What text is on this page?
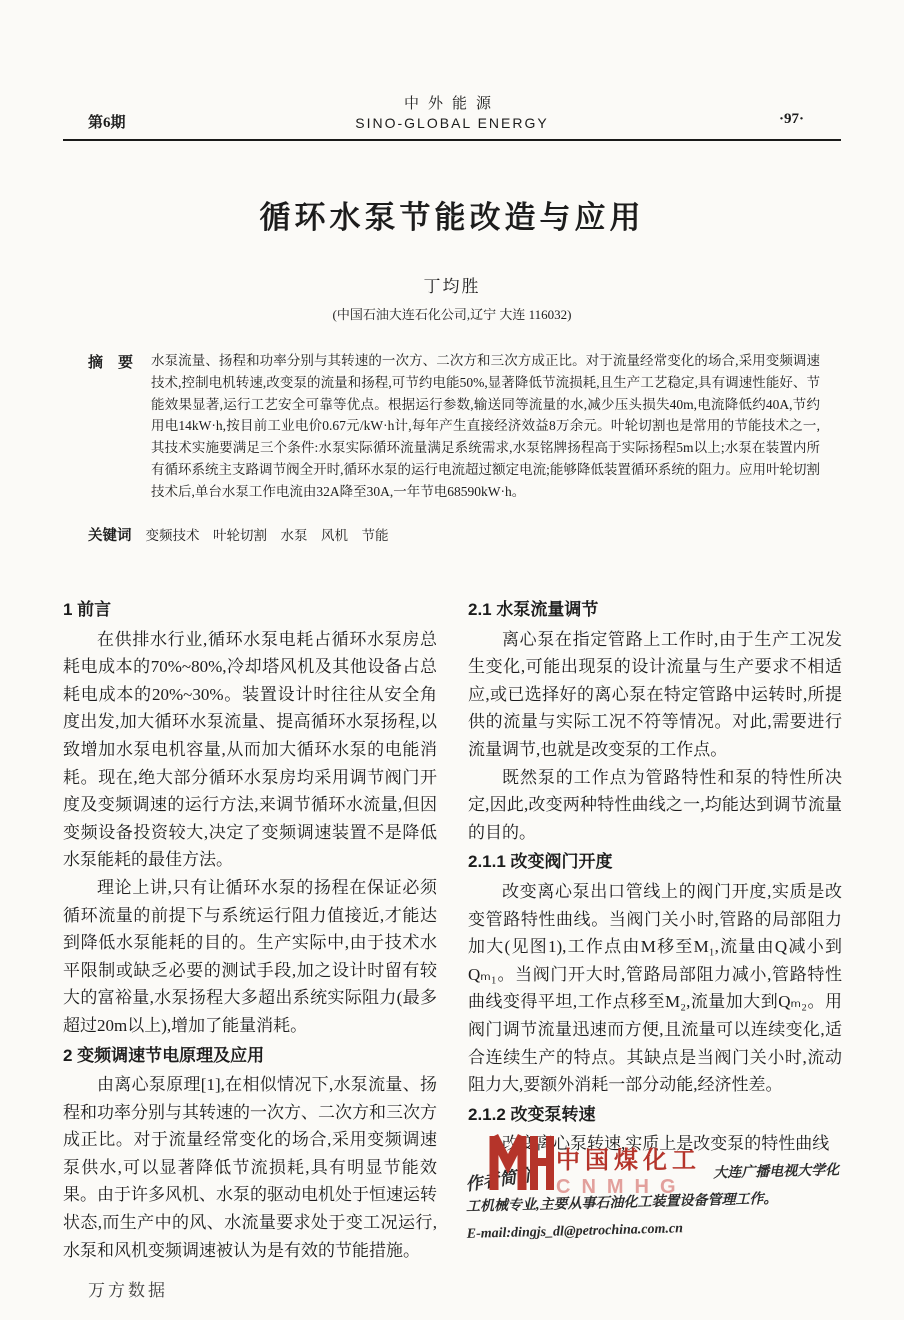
第6期
中外能源
SINO-GLOBAL ENERGY	·97·
循环水泵节能改造与应用
丁均胜
(中国石油大连石化公司,辽宁 大连 116032)
摘　要 水泵流量、扬程和功率分别与其转速的一次方、二次方和三次方成正比。对于流量经常变化的场合,采用变频调速技术,控制电机转速,改变泵的流量和扬程,可节约电能50%,显著降低节流损耗,且生产工艺稳定,具有调速性能好、节能效果显著,运行工艺安全可靠等优点。根据运行参数,输送同等流量的水,减少压头损失40m,电流降低约40A,节约用电14kW·h,按目前工业电价0.67元/kW·h计,每年产生直接经济效益8万余元。叶轮切割也是常用的节能技术之一,其技术实施要满足三个条件:水泵实际循环流量满足系统需求,水泵铭牌扬程高于实际扬程5m以上;水泵在装置内所有循环系统主支路调节阀全开时,循环水泵的运行电流超过额定电流;能够降低装置循环系统的阻力。应用叶轮切割技术后,单台水泵工作电流由32A降至30A,一年节电68590kW·h。
关键词 变频技术　叶轮切割　水泵　风机　节能
1 前言
在供排水行业,循环水泵电耗占循环水泵房总耗电成本的70%~80%,冷却塔风机及其他设备占总耗电成本的20%~30%。装置设计时往往从安全角度出发,加大循环水泵流量、提高循环水泵扬程,以致增加水泵电机容量,从而加大循环水泵的电能消耗。现在,绝大部分循环水泵房均采用调节阀门开度及变频调速的运行方法,来调节循环水流量,但因变频设备投资较大,决定了变频调速装置不是降低水泵能耗的最佳方法。
理论上讲,只有让循环水泵的扬程在保证必须循环流量的前提下与系统运行阻力值接近,才能达到降低水泵能耗的目的。生产实际中,由于技术水平限制或缺乏必要的测试手段,加之设计时留有较大的富裕量,水泵扬程大多超出系统实际阻力(最多超过20m以上),增加了能量消耗。
2 变频调速节电原理及应用
由离心泵原理[1],在相似情况下,水泵流量、扬程和功率分别与其转速的一次方、二次方和三次方成正比。对于流量经常变化的场合,采用变频调速泵供水,可以显著降低节流损耗,具有明显节能效果。由于许多风机、水泵的驱动电机处于恒速运转状态,而生产中的风、水流量要求处于变工况运行,水泵和风机变频调速被认为是有效的节能措施。
2.1 水泵流量调节
离心泵在指定管路上工作时,由于生产工况发生变化,可能出现泵的设计流量与生产要求不相适应,或已选择好的离心泵在特定管路中运转时,所提供的流量与实际工况不符等情况。对此,需要进行流量调节,也就是改变泵的工作点。
既然泵的工作点为管路特性和泵的特性所决定,因此,改变两种特性曲线之一,均能达到调节流量的目的。
2.1.1 改变阀门开度
改变离心泵出口管线上的阀门开度,实质是改变管路特性曲线。当阀门关小时,管路的局部阻力加大(见图1),工作点由M移至M₁,流量由Q减小到Qₘ₁。当阀门开大时,管路局部阻力减小,管路特性曲线变得平坦,工作点移至M₂,流量加大到Qₘ₂。用阀门调节流量迅速而方便,且流量可以连续变化,适合连续生产的特点。其缺点是当阀门关小时,流动阻力大,要额外消耗一部分动能,经济性差。
2.1.2 改变泵转速
改变离心泵转速,实质上是改变泵的特性曲线
作者简介:	大连广播电视大学化
工机械专业,主要从事石油化工装置设备管理工作。
E-mail:dingjs_dl@petrochina.com.cn
中国煤化工
CNMHG
万方数据
